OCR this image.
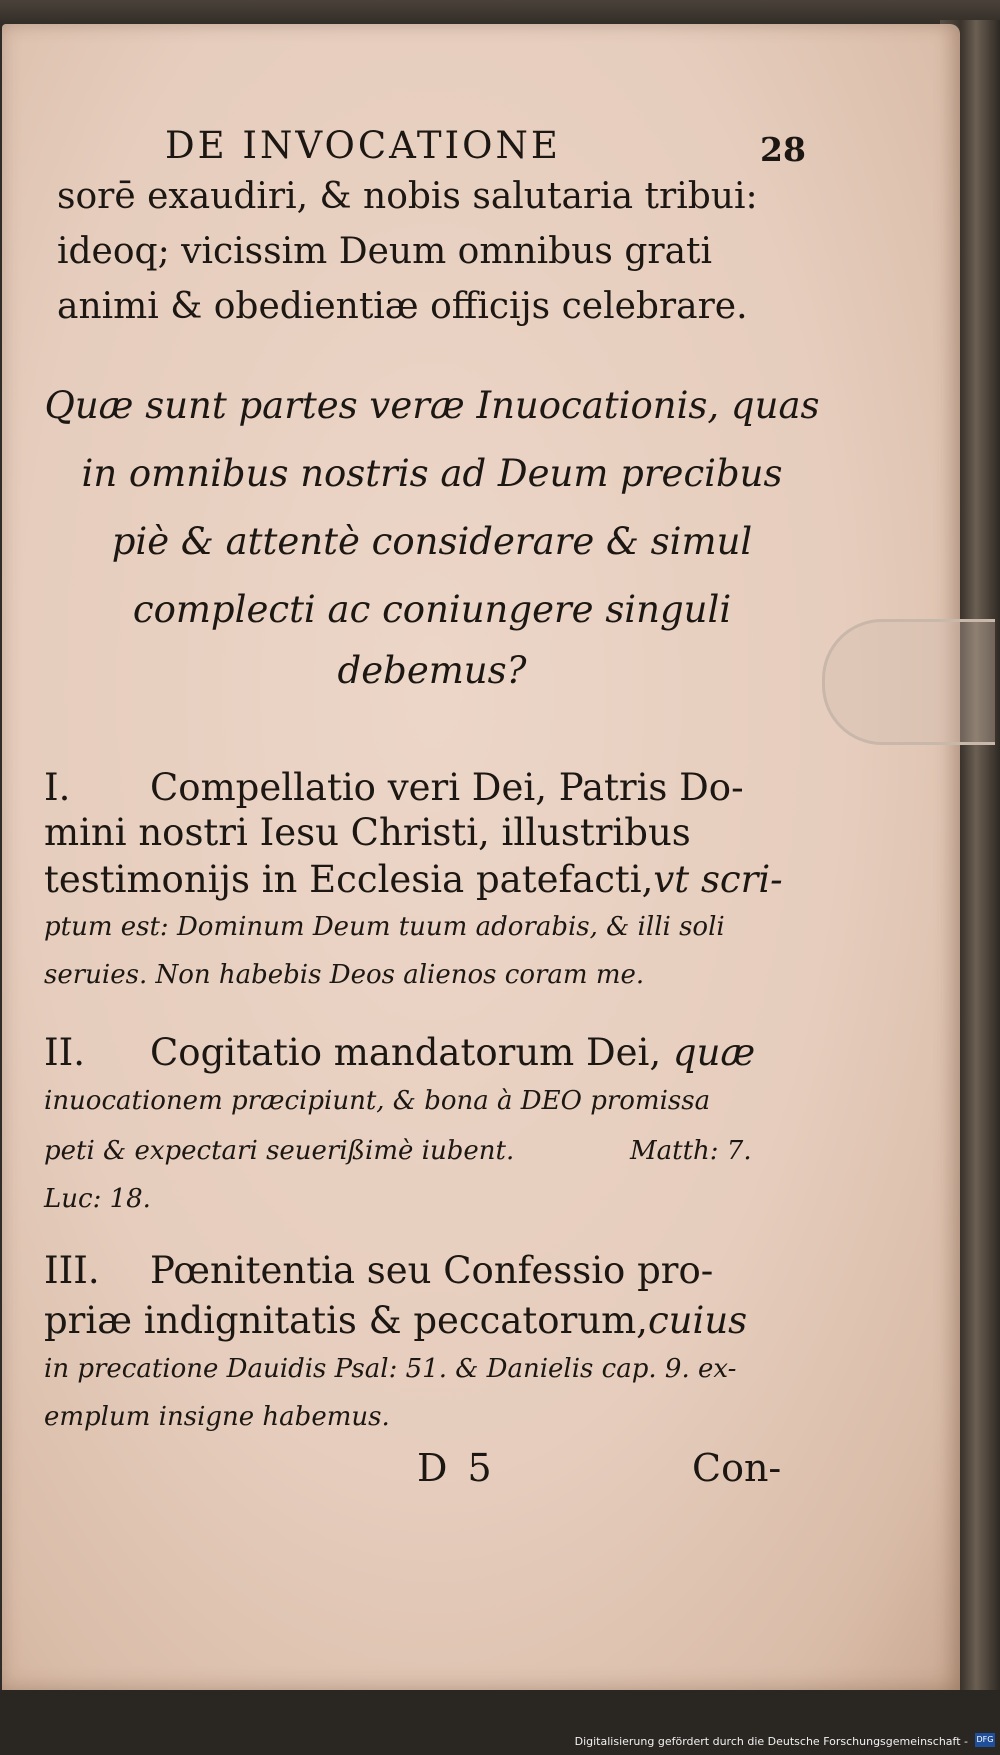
DE INVOCATIONE	28
sorē exaudiri, & nobis salutaria tribui:
ideoq; vicissim Deum omnibus grati
animi & obedientiæ officijs celebrare.
Quæ sunt partes veræ Inuocationis, quas
in omnibus nostris ad Deum precibus
piè & attentè considerare & simul
complecti ac coniungere singuli
debemus?
I. Compellatio veri Dei, Patris Do-
mini nostri Iesu Christi, illustribus
testimonijs in Ecclesia patefacti,vt scri-
ptum est: Dominum Deum tuum adorabis, & illi soli
seruies. Non habebis Deos alienos coram me.
II. Cogitatio mandatorum Dei, quæ
inuocationem præcipiunt, & bona à DEO promissa
peti & expectari seuerißimè iubent.	Matth: 7.
Luc: 18.
III. Pœnitentia seu Confessio pro-
priæ indignitatis & peccatorum,cuius
in precatione Dauidis Psal: 51. & Danielis cap. 9. ex-
emplum insigne habemus.
D 5	Con-
Digitalisierung gefördert durch die Deutsche Forschungsgemeinschaft - DFG
